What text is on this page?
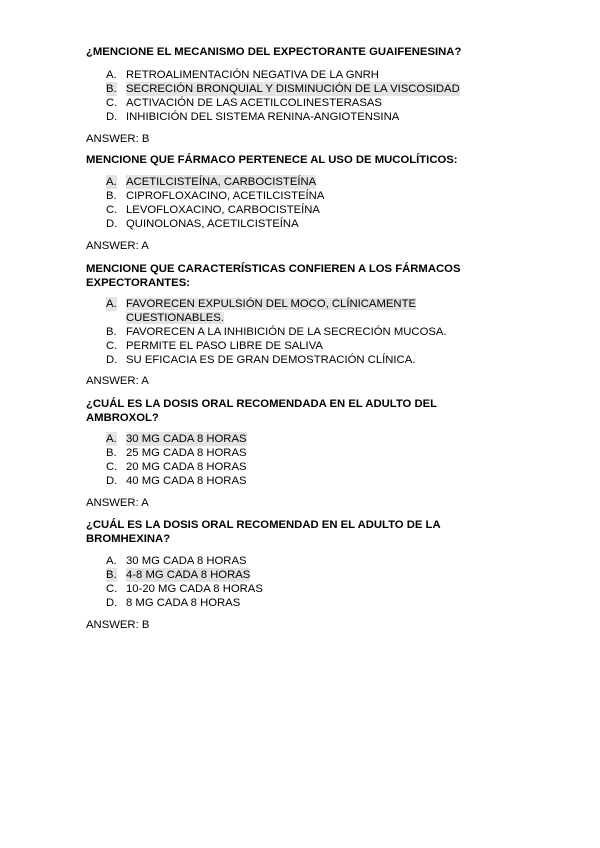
¿MENCIONE EL MECANISMO DEL EXPECTORANTE GUAIFENESINA?
A. RETROALIMENTACIÓN NEGATIVA DE LA GNRH
B. SECRECIÓN BRONQUIAL Y DISMINUCIÓN DE LA VISCOSIDAD
C. ACTIVACIÓN DE LAS ACETILCOLINESTERASAS
D. INHIBICIÓN DEL SISTEMA RENINA-ANGIOTENSINA
ANSWER: B
MENCIONE QUE FÁRMACO PERTENECE AL USO DE MUCOLÍTICOS:
A. ACETILCISTEÍNA, CARBOCISTEÍNA
B. CIPROFLOXACINO, ACETILCISTEÍNA
C. LEVOFLOXACINO, CARBOCISTEÍNA
D. QUINOLONAS, ACETILCISTEÍNA
ANSWER: A
MENCIONE QUE CARACTERÍSTICAS CONFIEREN A LOS FÁRMACOS EXPECTORANTES:
A. FAVORECEN EXPULSIÓN DEL MOCO, CLÍNICAMENTE CUESTIONABLES.
B. FAVORECEN A LA INHIBICIÓN DE LA SECRECIÓN MUCOSA.
C. PERMITE EL PASO LIBRE DE SALIVA
D. SU EFICACIA ES DE GRAN DEMOSTRACIÓN CLÍNICA.
ANSWER: A
¿CUÁL ES LA DOSIS ORAL RECOMENDADA EN EL ADULTO DEL AMBROXOL?
A. 30 MG CADA 8 HORAS
B. 25 MG CADA 8 HORAS
C. 20 MG CADA 8 HORAS
D. 40 MG CADA 8 HORAS
ANSWER: A
¿CUÁL ES LA DOSIS ORAL RECOMENDAD EN EL ADULTO DE LA BROMHEXINA?
A. 30 MG CADA 8 HORAS
B. 4-8 MG CADA 8 HORAS
C. 10-20 MG CADA 8 HORAS
D. 8 MG CADA 8 HORAS
ANSWER: B
